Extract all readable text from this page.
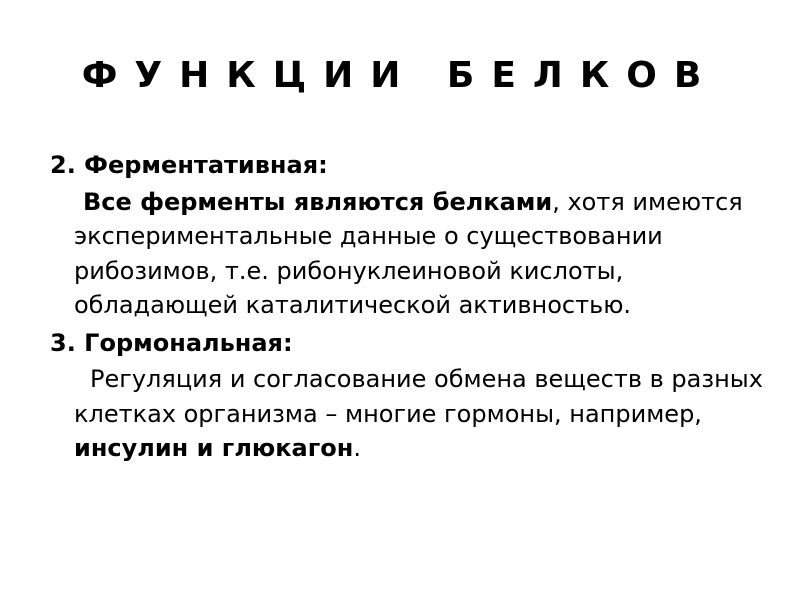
ФУНКЦИИ БЕЛКОВ

2. Ферментативная:

Все ферменты являются белками, хотя имеются экспериментальные данные о существовании рибозимов, т.е. рибонуклеиновой кислоты, обладающей каталитической активностью.

3. Гормональная:

Регуляция и согласование обмена веществ в разных клетках организма – многие гормоны, например, инсулин и глюкагон.
